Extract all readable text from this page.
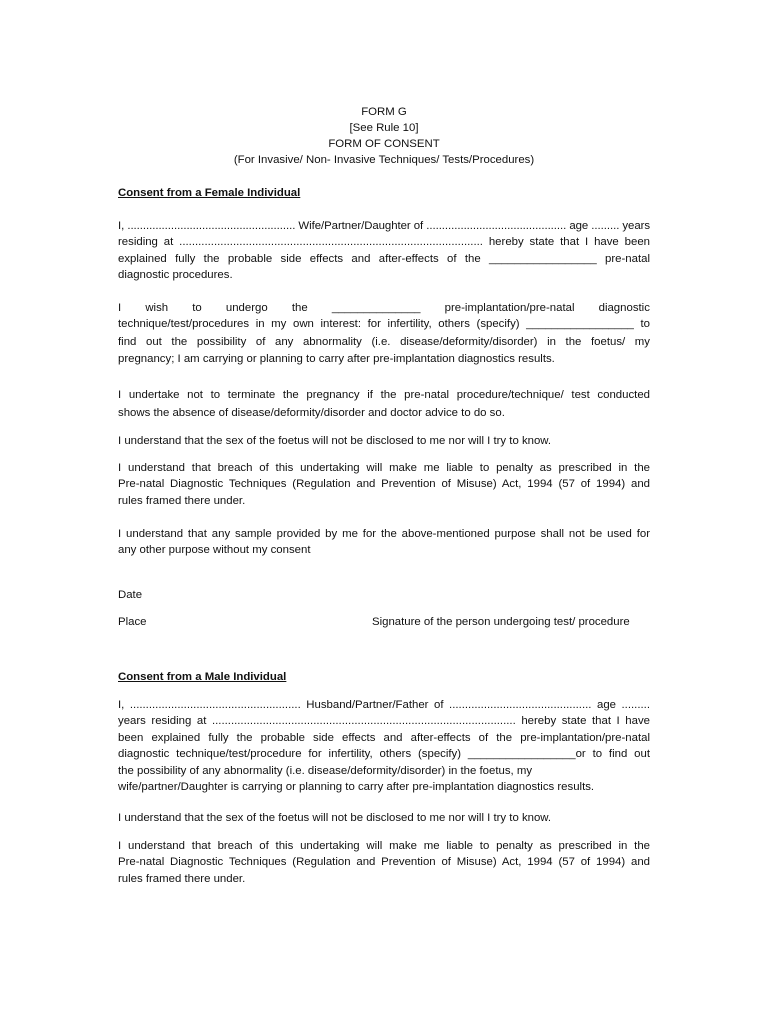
FORM G
[See Rule 10]
FORM OF CONSENT
(For Invasive/ Non- Invasive Techniques/ Tests/Procedures)
Consent from a Female Individual
I, ...................................................... Wife/Partner/Daughter of ............................................. age ......... years
residing at ................................................................................................ hereby state that I have been
explained fully the probable side effects and after-effects of the _________________ pre-natal
diagnostic procedures.
I wish to undergo the ______________ pre-implantation/pre-natal diagnostic
technique/test/procedures in my own interest: for infertility, others (specify) _________________ to
find out the possibility of any abnormality (i.e. disease/deformity/disorder) in the foetus/ my
pregnancy; I am carrying or planning to carry after pre-implantation diagnostics results.
I undertake not to terminate the pregnancy if the pre-natal procedure/technique/ test conducted
shows the absence of disease/deformity/disorder and doctor advice to do so.
I understand that the sex of the foetus will not be disclosed to me nor will I try to know.
I understand that breach of this undertaking will make me liable to penalty as prescribed in the
Pre-natal Diagnostic Techniques (Regulation and Prevention of Misuse) Act, 1994 (57 of 1994) and
rules framed there under.
I understand that any sample provided by me for the above-mentioned purpose shall not be used for
any other purpose without my consent
Date
Place	Signature of the person undergoing test/ procedure
Consent from a Male Individual
I, ...................................................... Husband/Partner/Father of ............................................. age .........
years residing at ................................................................................................ hereby state that I have
been explained fully the probable side effects and after-effects of the pre-implantation/pre-natal
diagnostic technique/test/procedure for infertility, others (specify) _________________or to find out
the possibility of any abnormality (i.e. disease/deformity/disorder) in the foetus, my
wife/partner/Daughter is carrying or planning to carry after pre-implantation diagnostics results.
I understand that the sex of the foetus will not be disclosed to me nor will I try to know.
I understand that breach of this undertaking will make me liable to penalty as prescribed in the
Pre-natal Diagnostic Techniques (Regulation and Prevention of Misuse) Act, 1994 (57 of 1994) and
rules framed there under.
